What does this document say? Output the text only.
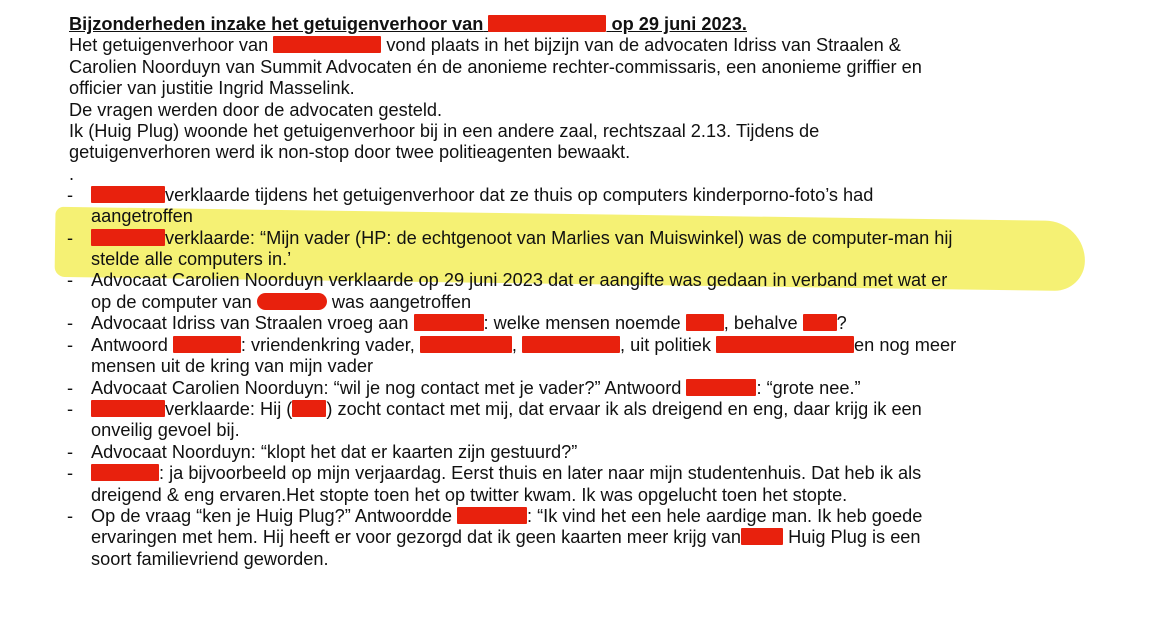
Bijzonderheden inzake het getuigenverhoor van	op 29 juni 2023.

Het getuigenverhoor van	vond plaats in het bijzijn van de advocaten Idriss van Straalen &
Carolien Noorduyn van Summit Advocaten én de anonieme rechter-commissaris, een anonieme griffier en
officier van justitie Ingrid Masselink.

De vragen werden door de advocaten gesteld.

Ik (Huig Plug) woonde het getuigenverhoor bij in een andere zaal, rechtszaal 2.13. Tijdens de
getuigenverhoren werd ik non-stop door twee politieagenten bewaakt.

.

-	verklaarde tijdens het getuigenverhoor dat ze thuis op computers kinderporno-foto’s had
aangetroffen
-	verklaarde: “Mijn vader (HP: de echtgenoot van Marlies van Muiswinkel) was de computer-man hij
stelde alle computers in.’
- Advocaat Carolien Noorduyn verklaarde op 29 juni 2023 dat er aangifte was gedaan in verband met wat er
op de computer van	was aangetroffen
- Advocaat Idriss van Straalen vroeg aan	: welke mensen noemde , behalve ?
- Antwoord	: vriendenkring vader,	,	, uit politiek	en nog meer
mensen uit de kring van mijn vader
- Advocaat Carolien Noorduyn: “wil je nog contact met je vader?” Antwoord	: “grote nee.”
-	verklaarde: Hij ( ) zocht contact met mij, dat ervaar ik als dreigend en eng, daar krijg ik een
onveilig gevoel bij.
- Advocaat Noorduyn: “klopt het dat er kaarten zijn gestuurd?”
-	: ja bijvoorbeeld op mijn verjaardag. Eerst thuis en later naar mijn studentenhuis. Dat heb ik als
dreigend & eng ervaren.Het stopte toen het op twitter kwam. Ik was opgelucht toen het stopte.
- Op de vraag “ken je Huig Plug?” Antwoordde	: “Ik vind het een hele aardige man. Ik heb goede
ervaringen met hem. Hij heeft er voor gezorgd dat ik geen kaarten meer krijg van	Huig Plug is een
soort familievriend geworden.
